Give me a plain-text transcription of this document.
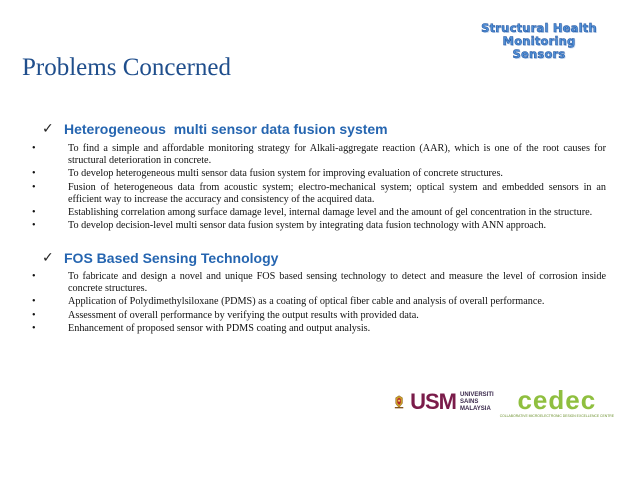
Structural Health Monitoring
Sensors
Problems Concerned
✓ Heterogeneous  multi sensor data fusion system
• To find a simple and affordable monitoring strategy for Alkali-aggregate reaction (AAR), which is one of the root causes for structural deterioration in concrete.
• To develop heterogeneous multi sensor data fusion system for improving evaluation of concrete structures.
• Fusion of heterogeneous data from acoustic system; electro-mechanical system; optical system and embedded sensors in an efficient way to increase the accuracy and consistency of the acquired data.
• Establishing correlation among surface damage level, internal damage level and the amount of gel concentration in the structure.
• To develop decision-level multi sensor data fusion system by integrating data fusion technology with ANN approach.
✓ FOS Based Sensing Technology
• To fabricate and design a novel and unique FOS based sensing technology to detect and measure the level of corrosion inside concrete structures.
• Application of Polydimethylsiloxane (PDMS) as a coating of optical fiber cable and analysis of overall performance.
• Assessment of overall performance by verifying the output results with provided data.
• Enhancement of proposed sensor with PDMS coating and output analysis.
USM UNIVERSITI
SAINS
MALAYSIA cedec
COLLABORATIVE MICROELECTRONIC DESIGN EXCELLENCE CENTRE
